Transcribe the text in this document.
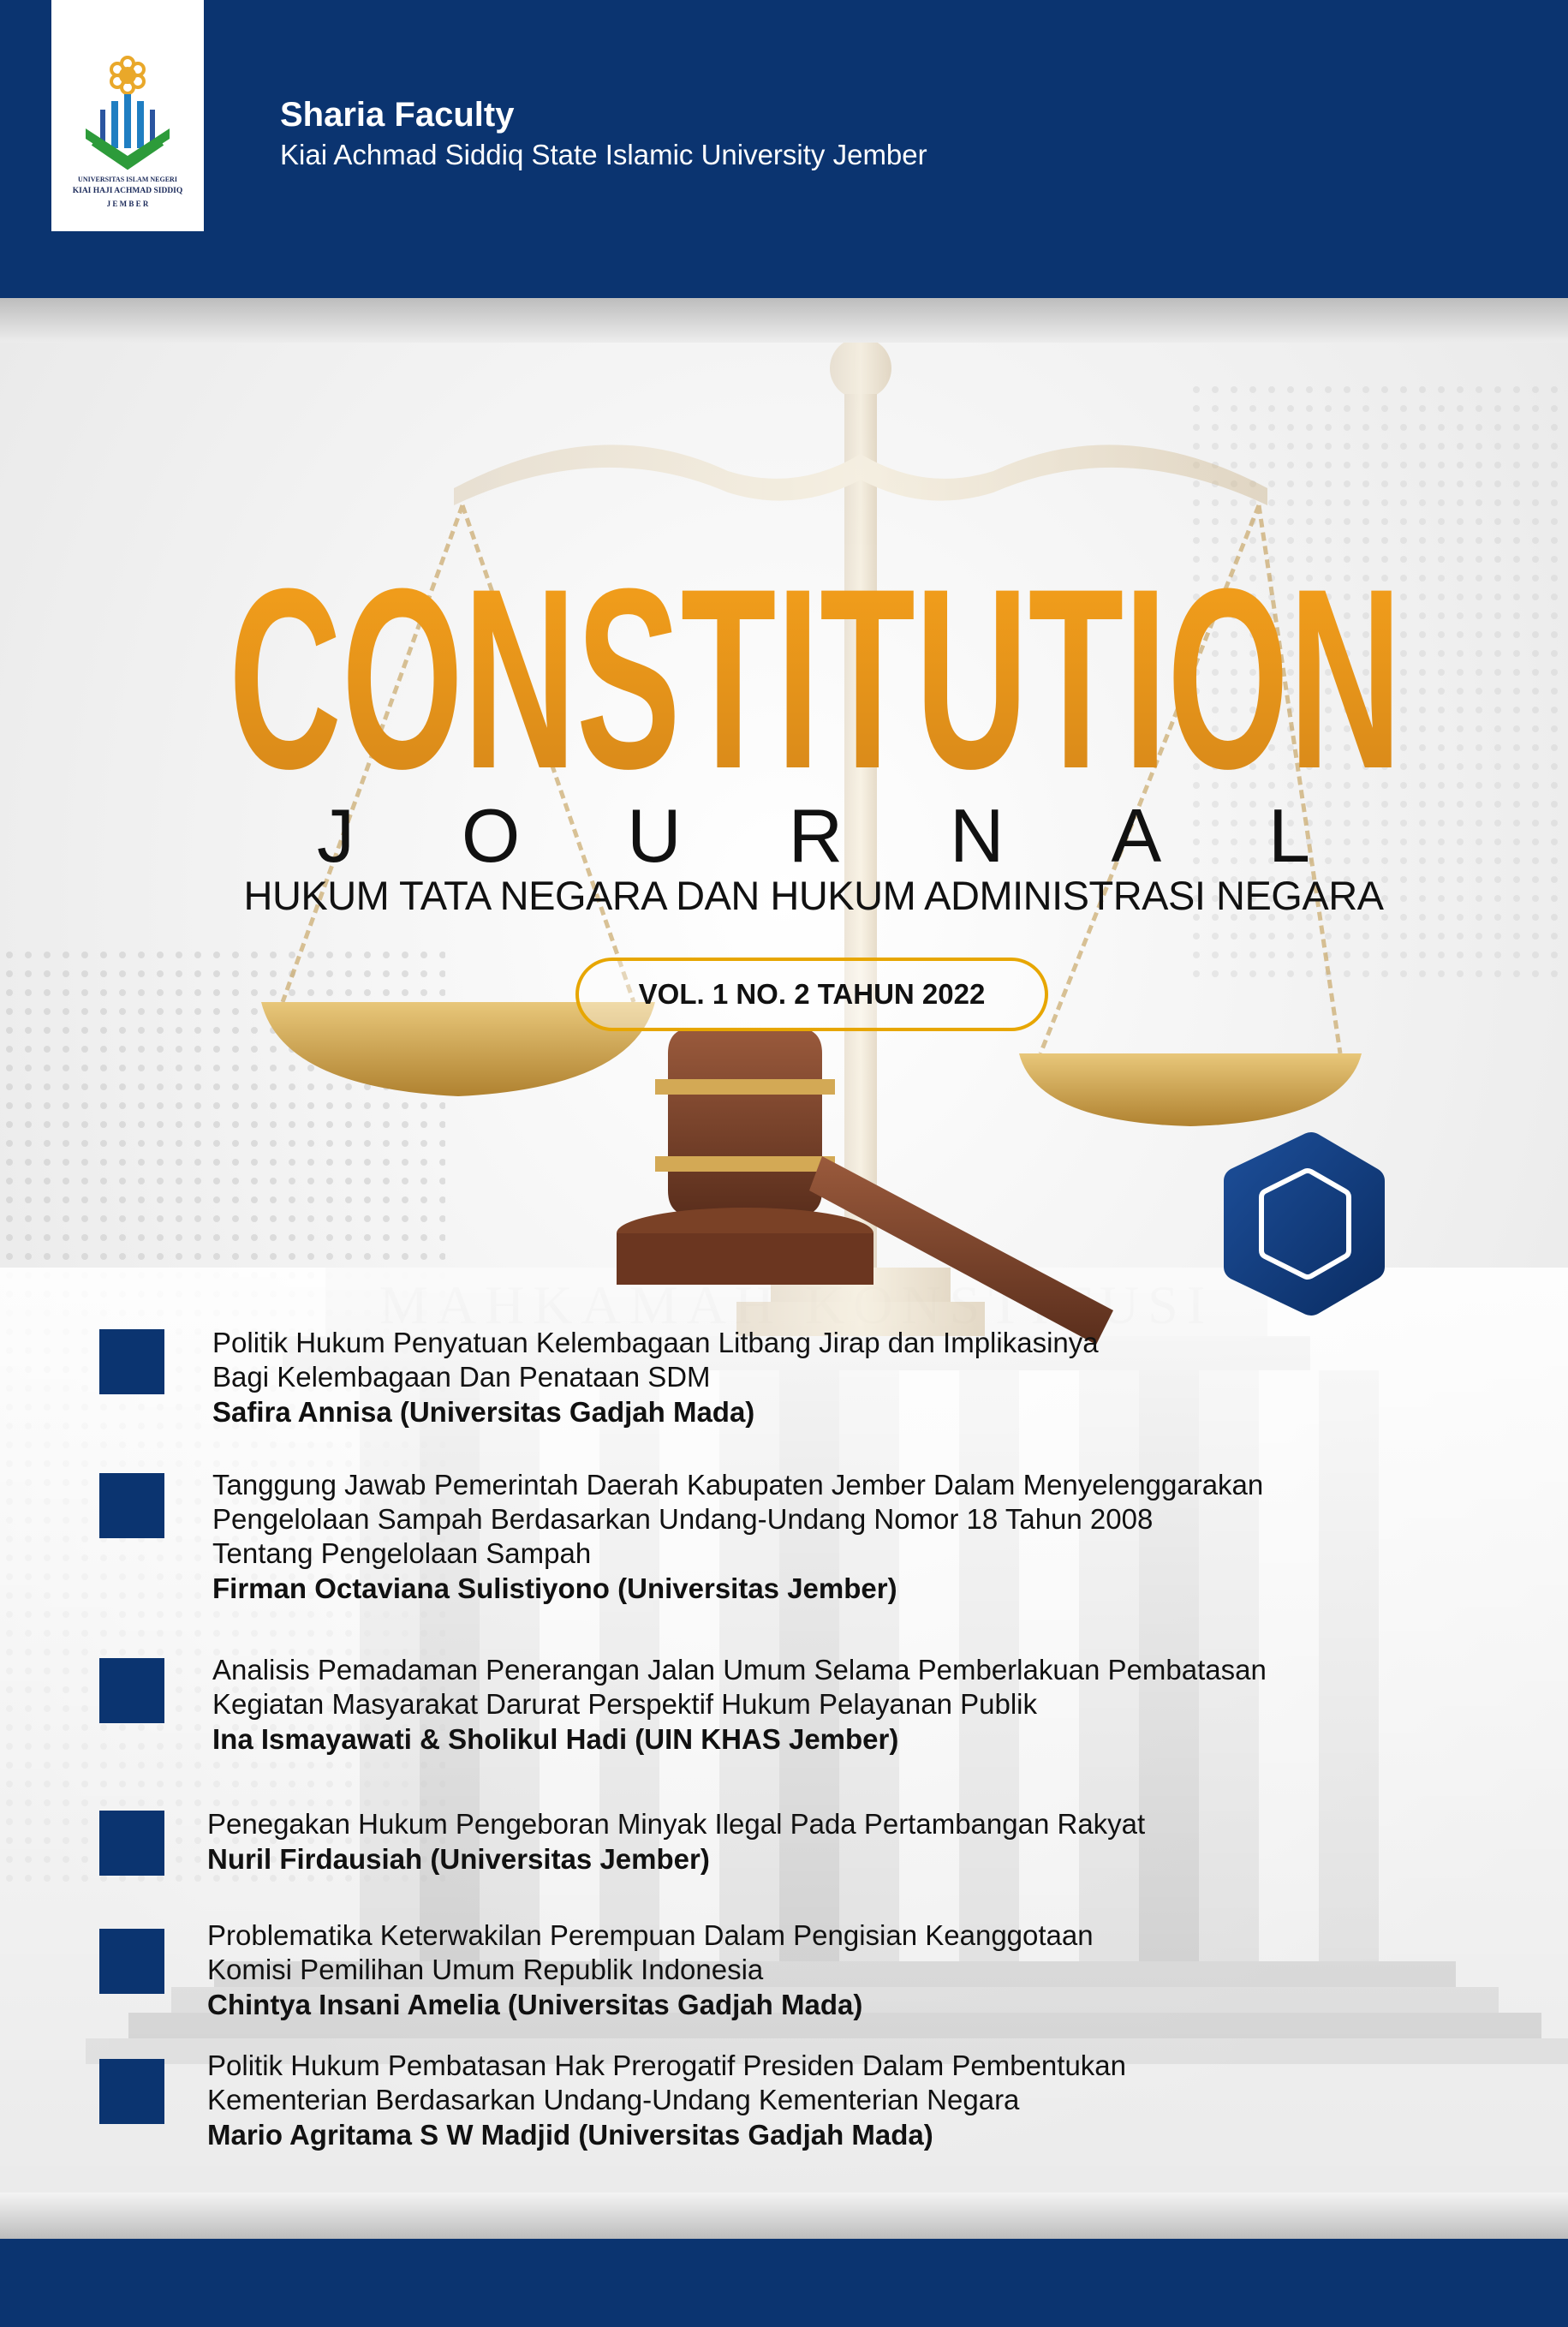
UNIVERSITAS ISLAM NEGERI
KIAI HAJI ACHMAD SIDDIQ
J E M B E R
Sharia Faculty
Kiai Achmad Siddiq State Islamic University Jember
CONSTITUTION
J O U R N A L
HUKUM TATA NEGARA DAN HUKUM ADMINISTRASI NEGARA
VOL. 1 NO. 2 TAHUN 2022
Politik Hukum Penyatuan Kelembagaan Litbang Jirap dan Implikasinya
Bagi Kelembagaan Dan Penataan SDM
Safira Annisa (Universitas Gadjah Mada)
Tanggung Jawab Pemerintah Daerah Kabupaten Jember Dalam Menyelenggarakan
Pengelolaan Sampah Berdasarkan Undang-Undang Nomor 18 Tahun 2008
Tentang Pengelolaan Sampah
Firman Octaviana Sulistiyono (Universitas Jember)
Analisis Pemadaman Penerangan Jalan Umum Selama Pemberlakuan Pembatasan
Kegiatan Masyarakat Darurat Perspektif Hukum Pelayanan Publik
Ina Ismayawati & Sholikul Hadi (UIN KHAS Jember)
Penegakan Hukum Pengeboran Minyak Ilegal Pada Pertambangan Rakyat
Nuril Firdausiah (Universitas Jember)
Problematika Keterwakilan Perempuan Dalam Pengisian Keanggotaan
Komisi Pemilihan Umum Republik Indonesia
Chintya Insani Amelia (Universitas Gadjah Mada)
Politik Hukum Pembatasan Hak Prerogatif Presiden Dalam Pembentukan
Kementerian Berdasarkan Undang-Undang Kementerian Negara
Mario Agritama S W Madjid (Universitas Gadjah Mada)
